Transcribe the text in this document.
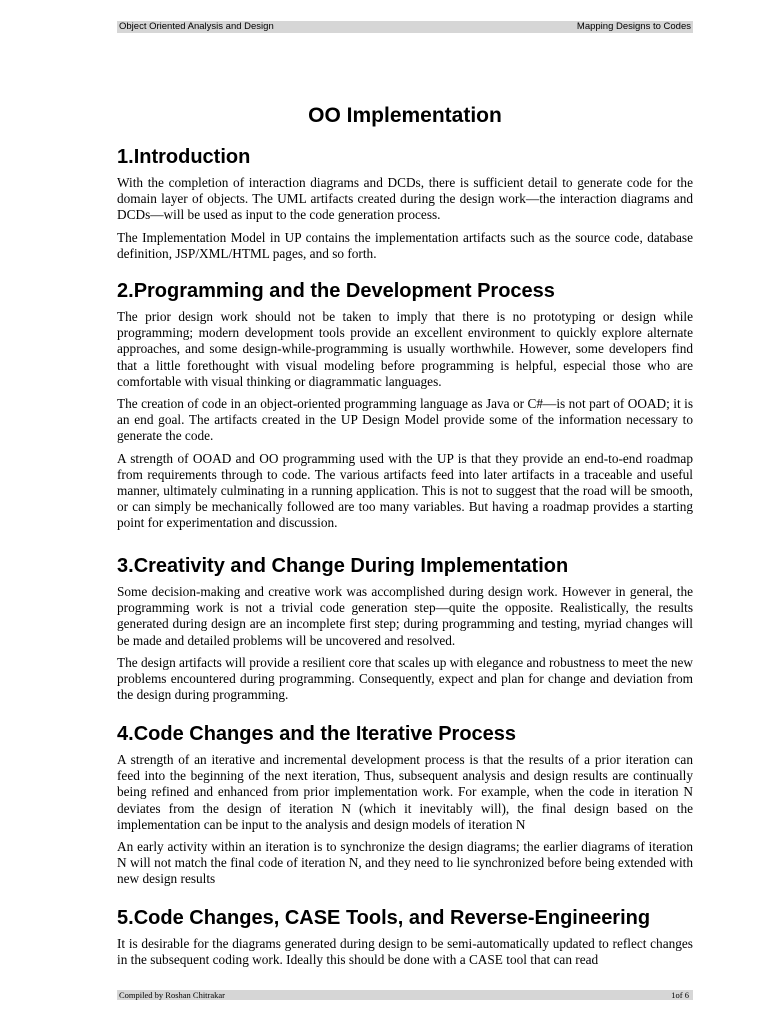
Object Oriented Analysis and Design	Mapping Designs to Codes
OO Implementation
1.Introduction

With the completion of interaction diagrams and DCDs, there is sufficient detail to generate code for the domain layer of objects. The UML artifacts created during the design work—the interaction diagrams and DCDs—will be used as input to the code generation process.

The Implementation Model in UP contains the implementation artifacts such as the source code, database definition, JSP/XML/HTML pages, and so forth.

2.Programming and the Development Process

The prior design work should not be taken to imply that there is no prototyping or design while programming; modern development tools provide an excellent environment to quickly explore alternate approaches, and some design-while-programming is usually worthwhile. However, some developers find that a little forethought with visual modeling before programming is helpful, especial those who are comfortable with visual thinking or diagrammatic languages.

The creation of code in an object-oriented programming language as Java or C#—is not part of OOAD; it is an end goal. The artifacts created in the UP Design Model provide some of the information necessary to generate the code.

A strength of OOAD and OO programming used with the UP is that they provide an end-to-end roadmap from requirements through to code. The various artifacts feed into later artifacts in a traceable and useful manner, ultimately culminating in a running application. This is not to suggest that the road will be smooth, or can simply be mechanically followed are too many variables. But having a roadmap provides a starting point for experimentation and discussion.

3.Creativity and Change During Implementation

Some decision-making and creative work was accomplished during design work. However in general, the programming work is not a trivial code generation step—quite the opposite. Realistically, the results generated during design are an incomplete first step; during programming and testing, myriad changes will be made and detailed problems will be uncovered and resolved.

The design artifacts will provide a resilient core that scales up with elegance and robustness to meet the new problems encountered during programming. Consequently, expect and plan for change and deviation from the design during programming.

4.Code Changes and the Iterative Process

A strength of an iterative and incremental development process is that the results of a prior iteration can feed into the beginning of the next iteration, Thus, subsequent analysis and design results are continually being refined and enhanced from prior implementation work. For example, when the code in iteration N deviates from the design of iteration N (which it inevitably will), the final design based on the implementation can be input to the analysis and design models of iteration N

An early activity within an iteration is to synchronize the design diagrams; the earlier diagrams of iteration N will not match the final code of iteration N, and they need to lie synchronized before being extended with new design results

5.Code Changes, CASE Tools, and Reverse-Engineering

It is desirable for the diagrams generated during design to be semi-automatically updated to reflect changes in the subsequent coding work. Ideally this should be done with a CASE tool that can read

Compiled by Roshan Chitrakar	1of 6
